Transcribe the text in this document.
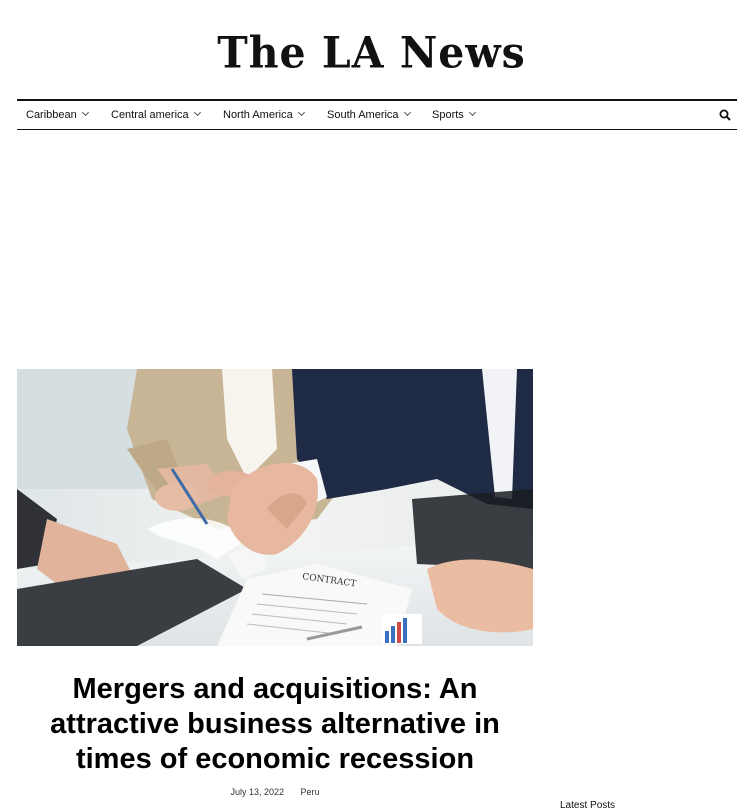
The LA News
Caribbean	Central america	North America	South America	Sports
CONTRACT
Mergers and acquisitions: An attractive business alternative in times of economic recession
July 13, 2022 Peru
Latest Posts
